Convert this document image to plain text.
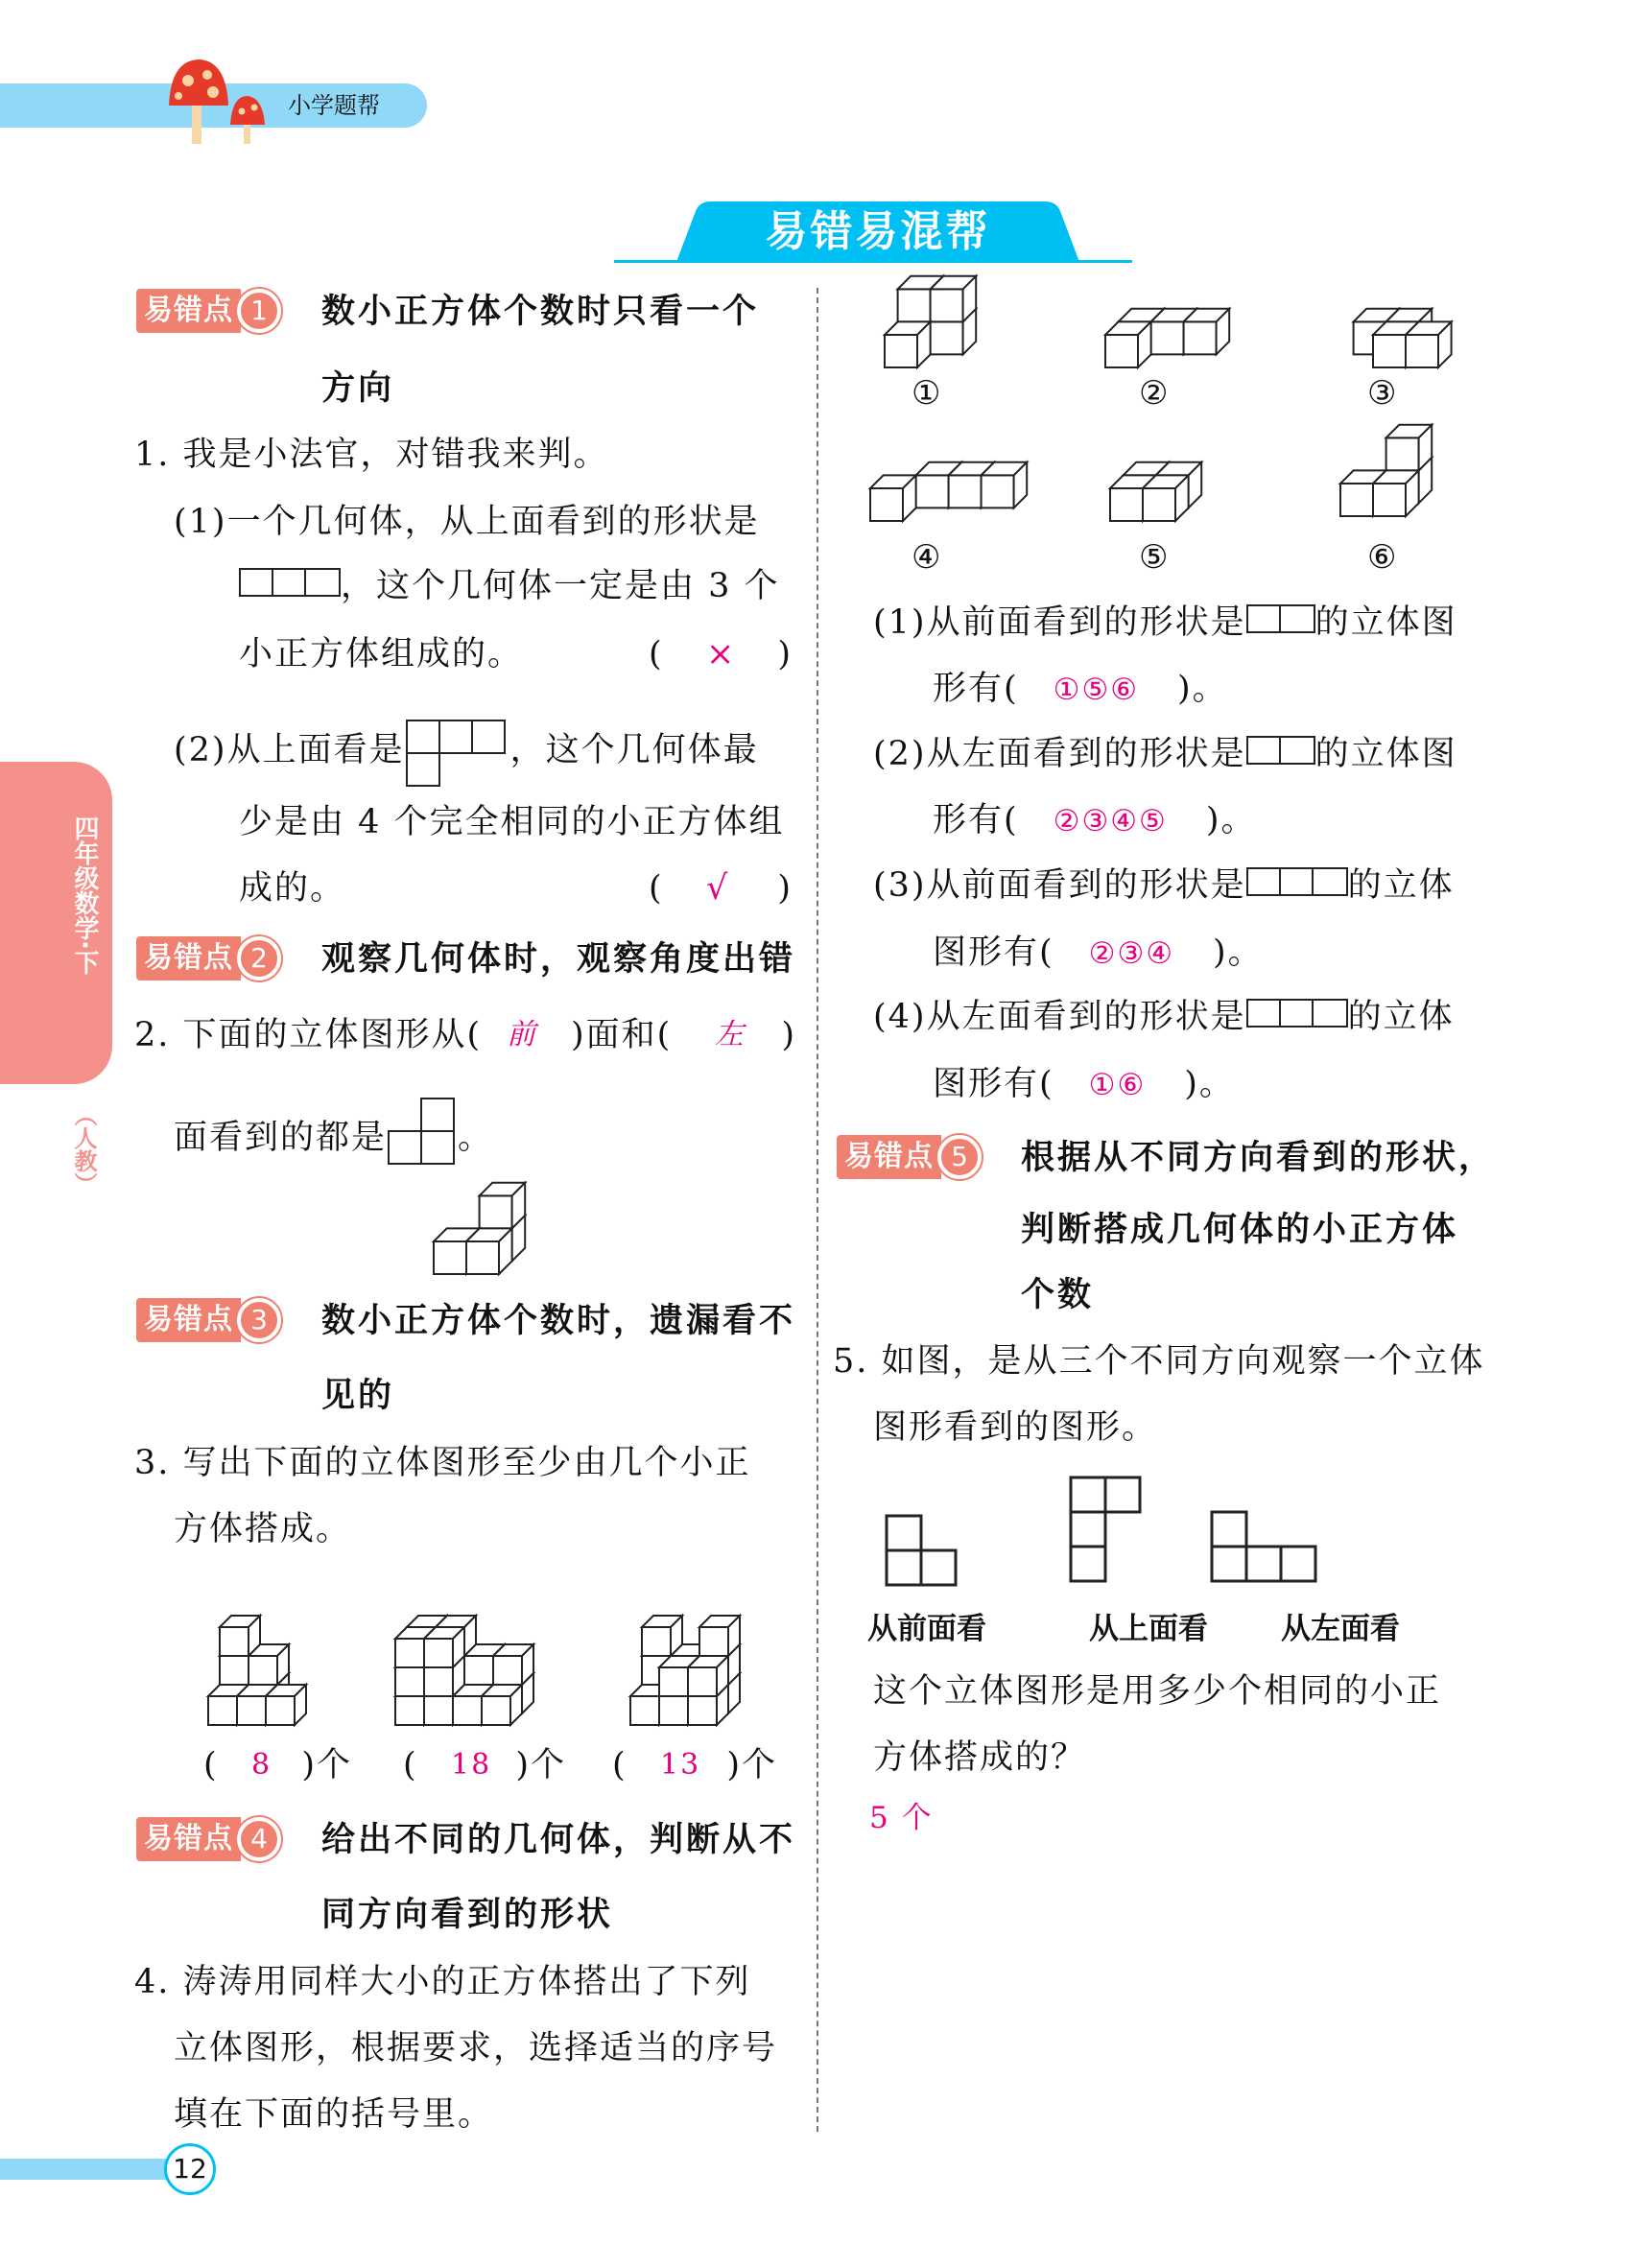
小学题帮
易错易混帮
四年级数学·下
（人教）
易错点 1	数小正方体个数时只看一个
方向
1. 我是小法官，对错我来判。
(1)一个几何体，从上面看到的形状是
，这个几何体一定是由 3 个
小正方体组成的。	( × )
(2)从上面看是	，这个几何体最
少是由 4 个完全相同的小正方体组
成的。	( √ )
易错点 2	观察几何体时，观察角度出错
2. 下面的立体图形从( 前 )面和( 左 )
面看到的都是 。
易错点 3	数小正方体个数时，遗漏看不
见的
3. 写出下面的立体图形至少由几个小正
方体搭成。
( 8 )个 ( 18 )个 ( 13 )个
易错点 4	给出不同的几何体，判断从不
同方向看到的形状
4. 涛涛用同样大小的正方体搭出了下列
立体图形，根据要求，选择适当的序号
填在下面的括号里。
①	②	③
④	⑤	⑥
(1)从前面看到的形状是 的立体图
形有( ①⑤⑥ )。
(2)从左面看到的形状是 的立体图
形有( ②③④⑤ )。
(3)从前面看到的形状是	的立体
图形有( ②③④ )。
(4)从左面看到的形状是	的立体
图形有( ①⑥ )。
易错点 5	根据从不同方向看到的形状，
判断搭成几何体的小正方体
个数
5. 如图，是从三个不同方向观察一个立体
图形看到的图形。
从前面看	从上面看 从左面看
这个立体图形是用多少个相同的小正
方体搭成的？
5 个
12
